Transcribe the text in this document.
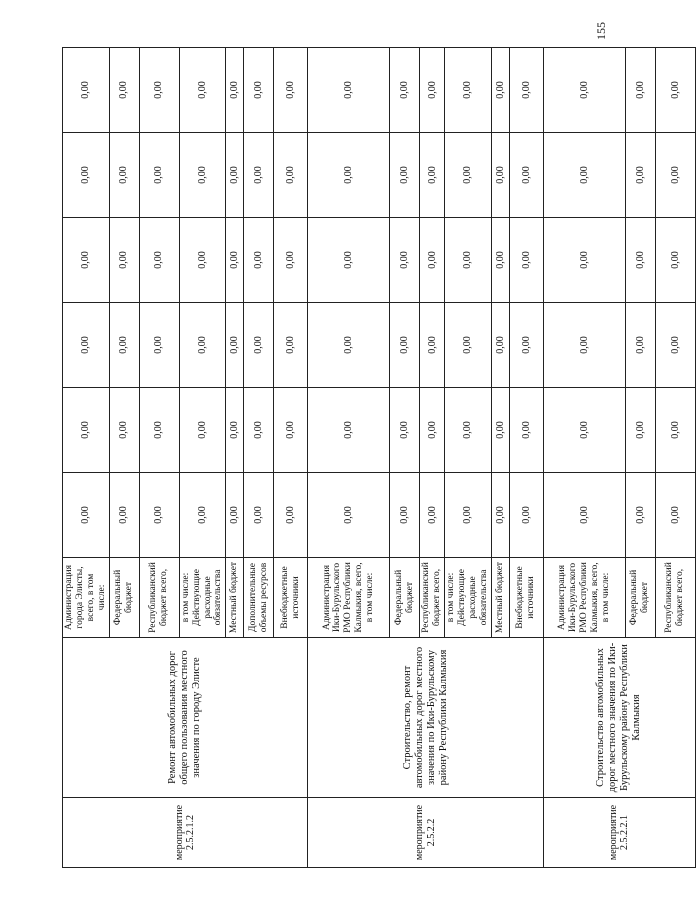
155
мероприятие 2.5.2.1.2	Ремонт автомобильных дорог общего пользования местного значения по городу Элисте	Администрация города Элисты, всего, в том числе:	0,00	0,00	0,00	0,00	0,00	0,00
		Федеральный бюджет	0,00	0,00	0,00	0,00	0,00	0,00
		Республиканский бюджет всего,	0,00	0,00	0,00	0,00	0,00	0,00
		в том числе: Действующие расходные обязательства	0,00	0,00	0,00	0,00	0,00	0,00
		Местный бюджет	0,00	0,00	0,00	0,00	0,00	0,00
		Дополнительные объемы ресурсов	0,00	0,00	0,00	0,00	0,00	0,00
		Внебюджетные источники	0,00	0,00	0,00	0,00	0,00	0,00
мероприятие 2.5.2.2	Строительство, ремонт автомобильных дорог местного значения по Ики-Бурульскому району Республики Калмыкия	Администрация Ики-Бурульского РМО Республики Калмыкия, всего, в том числе:	0,00	0,00	0,00	0,00	0,00	0,00
		Федеральный бюджет	0,00	0,00	0,00	0,00	0,00	0,00
		Республиканский бюджет всего,	0,00	0,00	0,00	0,00	0,00	0,00
		в том числе: Действующие расходные обязательства	0,00	0,00	0,00	0,00	0,00	0,00
		Местный бюджет	0,00	0,00	0,00	0,00	0,00	0,00
		Внебюджетные источники	0,00	0,00	0,00	0,00	0,00	0,00
мероприятие 2.5.2.2.1	Строительство автомобильных дорог местного значения по Ики-Бурульскому району Республики Калмыкия	Администрация Ики-Бурульского РМО Республики Калмыкия, всего, в том числе:	0,00	0,00	0,00	0,00	0,00	0,00
		Федеральный бюджет	0,00	0,00	0,00	0,00	0,00	0,00
		Республиканский бюджет всего,	0,00	0,00	0,00	0,00	0,00	0,00
